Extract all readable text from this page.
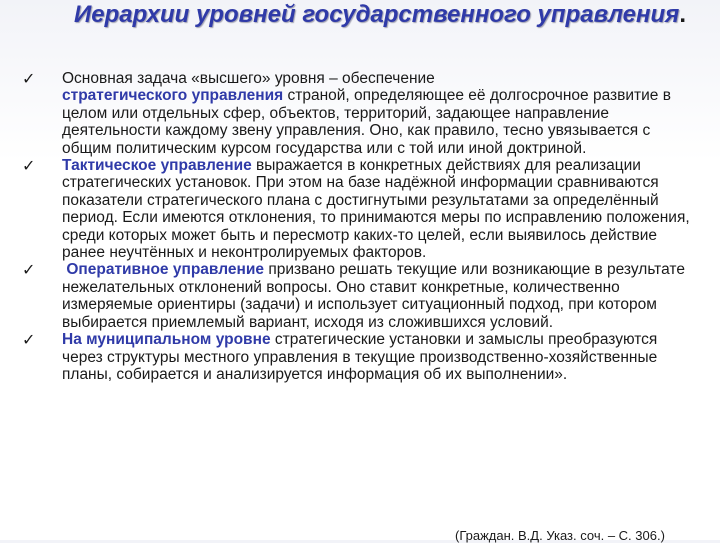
Иерархии уровней государственного управления.
✓ Основная задача «высшего» уровня – обеспечение
стратегического управления страной, определяющее её долгосрочное развитие в целом или отдельных сфер, объектов, территорий, задающее направление деятельности каждому звену управления. Оно, как правило, тесно увязывается с общим политическим курсом государства или с той или иной доктриной.
✓ Тактическое управление выражается в конкретных действиях для реализации стратегических установок. При этом на базе надёжной информации сравниваются показатели стратегического плана с достигнутыми результатами за определённый период. Если имеются отклонения, то принимаются меры по исправлению положения, среди которых может быть и пересмотр каких-то целей, если выявилось действие ранее неучтённых и неконтролируемых факторов.
✓ Оперативное управление призвано решать текущие или возникающие в результате нежелательных отклонений вопросы. Оно ставит конкретные, количественно измеряемые ориентиры (задачи) и использует ситуационный подход, при котором выбирается приемлемый вариант, исходя из сложившихся условий.
✓ На муниципальном уровне стратегические установки и замыслы преобразуются через структуры местного управления в текущие производственно-хозяйственные планы, собирается и анализируется информация об их выполнении».
(Граждан. В.Д. Указ. соч. – С. 306.)
